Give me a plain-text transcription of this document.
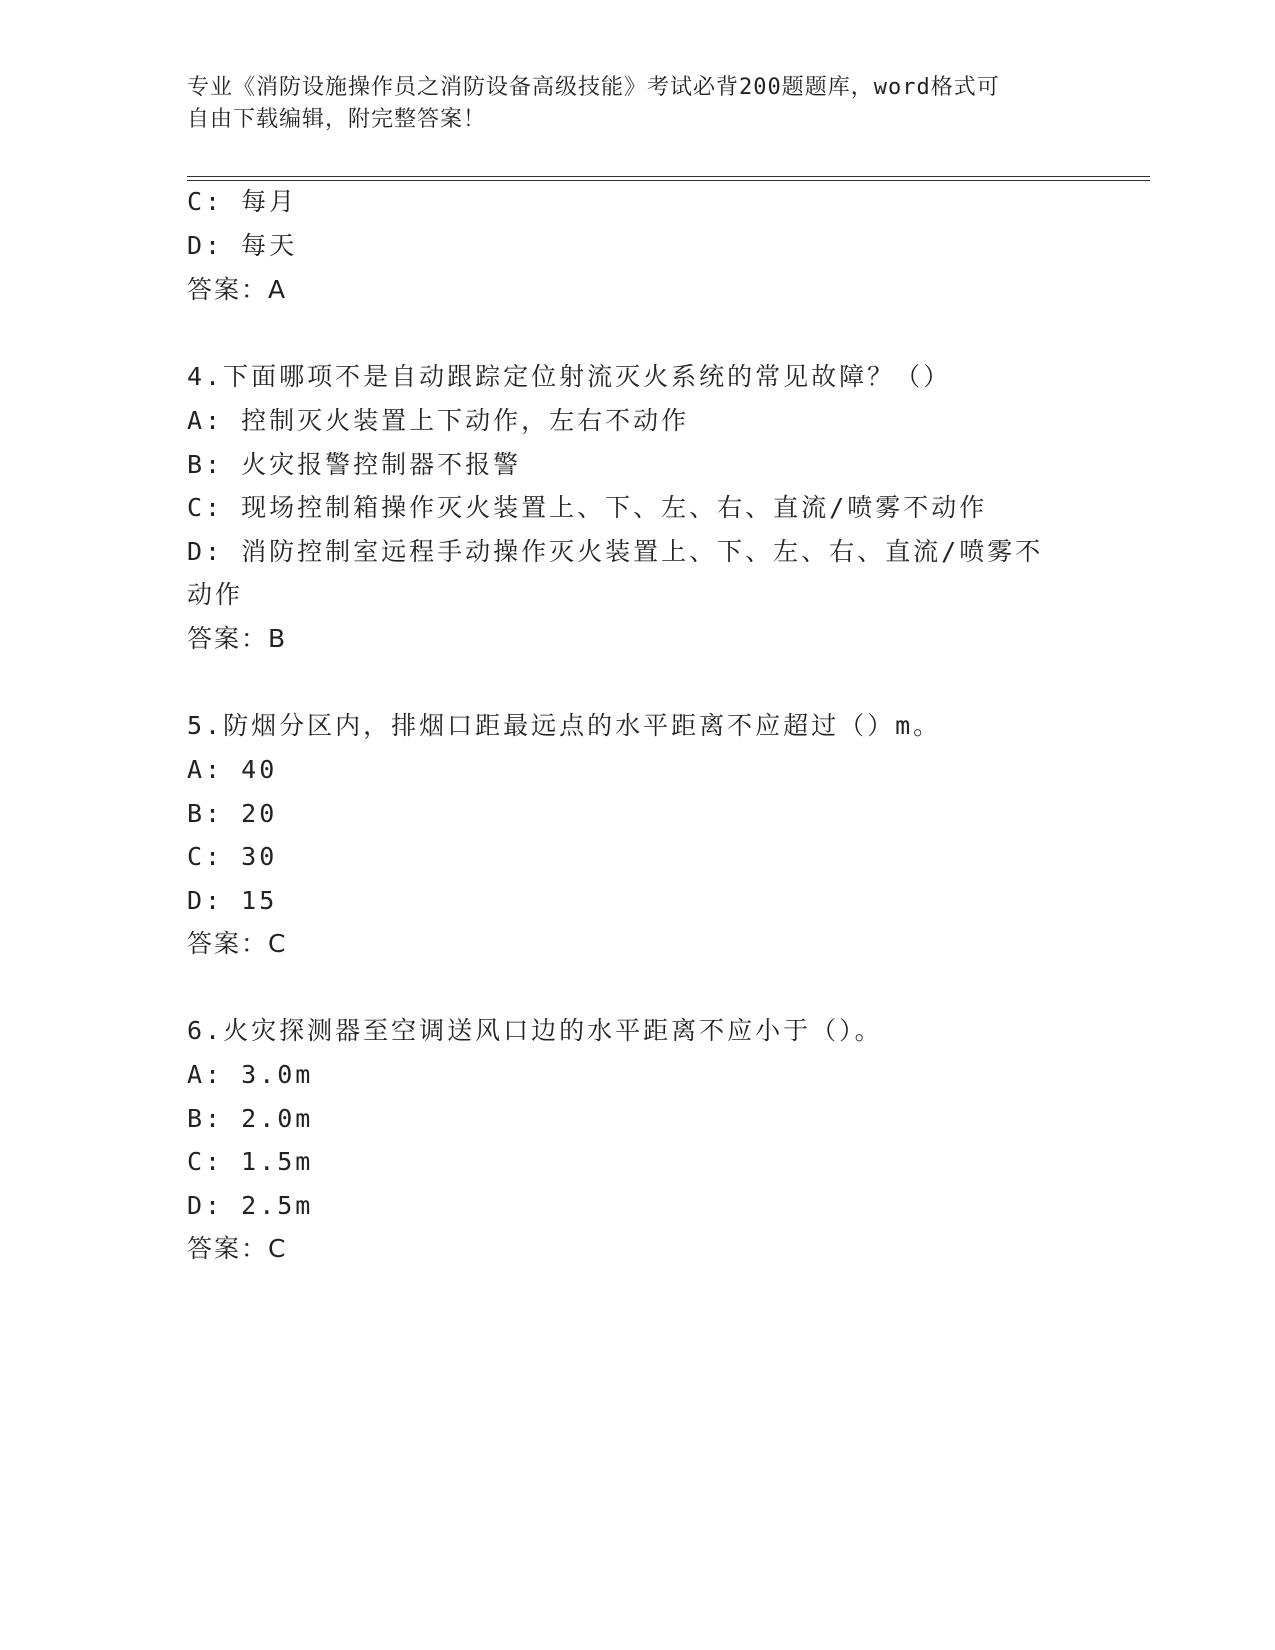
专业《消防设施操作员之消防设备高级技能》考试必背200题题库，word格式可
自由下载编辑，附完整答案！
C: 每月
D: 每天
答案：A
4.下面哪项不是自动跟踪定位射流灭火系统的常见故障？（）
A: 控制灭火装置上下动作，左右不动作
B: 火灾报警控制器不报警
C: 现场控制箱操作灭火装置上、下、左、右、直流/喷雾不动作
D: 消防控制室远程手动操作灭火装置上、下、左、右、直流/喷雾不
动作
答案：B
5.防烟分区内，排烟口距最远点的水平距离不应超过（）m。
A: 40
B: 20
C: 30
D: 15
答案：C
6.火灾探测器至空调送风口边的水平距离不应小于（）。
A: 3.0m
B: 2.0m
C: 1.5m
D: 2.5m
答案：C
